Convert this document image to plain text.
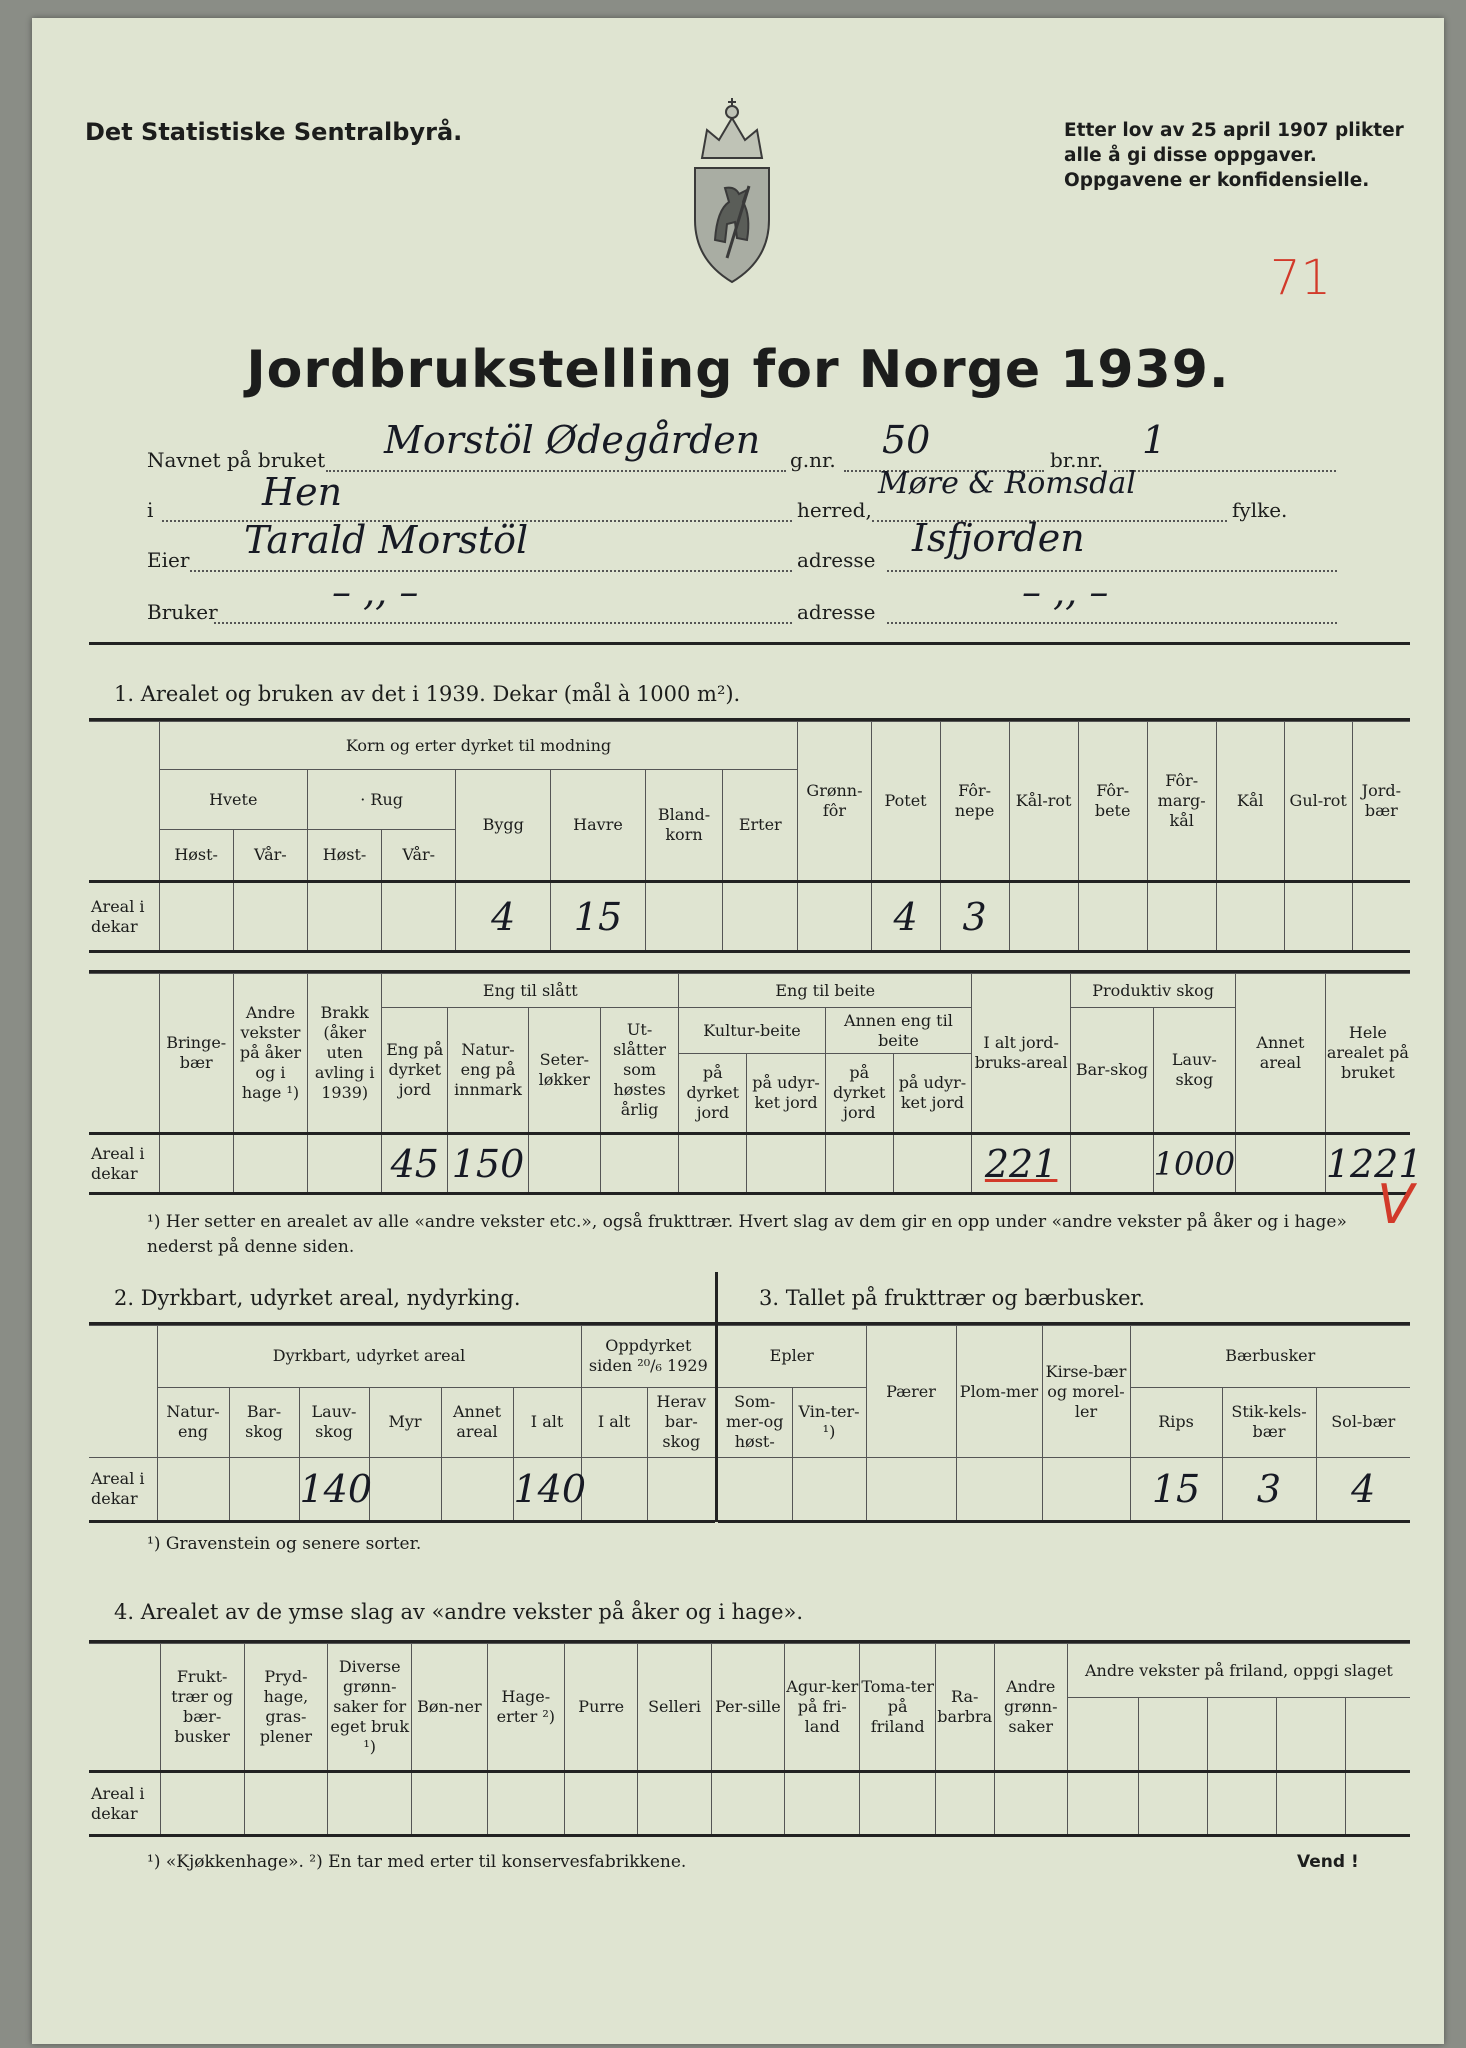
Det Statistiske Sentralbyrå.	Etter lov av 25 april 1907 plikter
alle å gi disse oppgaver.
Oppgavene er konfidensielle.
71
Jordbrukstelling for Norge 1939.
Navnet på bruket Morstöl Ødegården g.nr. 50	br.nr. 1
i	Hen	herred,
Møre & Romsdal
fylke.
Eier Tarald Morstöl	adresse Isfjorden
Bruker	– ,, –	adresse	– ,, –
1. Arealet og bruken av det i 1939. Dekar (mål à 1000 m²).
	Korn og erter dyrket til modning								Grønn-fôr	Potet	Fôr-nepe	Kål-rot	Fôr-bete	Fôr-marg-kål	Kål	Gul-rot	Jord-bær
	Hvete		· Rug		Bygg	Havre	Bland-korn	Erter									
	Høst-	Vår-	Høst-	Vår-													
Areal i dekar					4	15				4	3						
	Bringe-bær	Andre vekster på åker og i hage ¹)	Brakk (åker uten avling i 1939)	Eng til slått				Eng til beite				I alt jord-bruks-areal	Produktiv skog		Annet areal	Hele arealet på bruket
				Eng på dyrket jord	Natur-eng på innmark	Seter-løkker	Ut-slåtter som høstes årlig	Kultur-beite		Annen eng til beite			Bar-skog	Lauv-skog		
								på dyrket jord	på udyr-ket jord	på dyrket jord	på udyr-ket jord					

Areal i dekar				45	150							221		1000		1221
V
¹) Her setter en arealet av alle «andre vekster etc.», også frukttrær. Hvert slag av dem gir en opp under «andre vekster på åker og i hage» nederst på denne siden.
2. Dyrkbart, udyrket areal, nydyrking.	3. Tallet på frukttrær og bærbusker.
	Dyrkbart, udyrket areal						Oppdyrket siden ²⁰/₆ 1929	
	Natur-eng	Bar-skog	Lauv-skog	Myr	Annet areal	I alt	I alt	Herav bar-skog
Areal i dekar			140			140		
Epler		Pærer	Plom-mer	Kirse-bær og morel-ler	Bærbusker		
Som-mer-og høst-	Vin-ter-¹)				Rips	Stik-kels-bær	Sol-bær
					15	3	4
¹) Gravenstein og senere sorter.
4. Arealet av de ymse slag av «andre vekster på åker og i hage».
	Frukt-trær og bær-busker	Pryd-hage, gras-plener	Diverse grønn-saker for eget bruk ¹)	Bøn-ner	Hage-erter ²)	Purre	Selleri	Per-sille	Agur-ker på fri-land	Toma-ter på friland	Ra-barbra	Andre grønn-saker	Andre vekster på friland, oppgi slaget				

Areal i dekar																	
¹) «Kjøkkenhage». ²) En tar med erter til konservesfabrikkene.	Vend !
